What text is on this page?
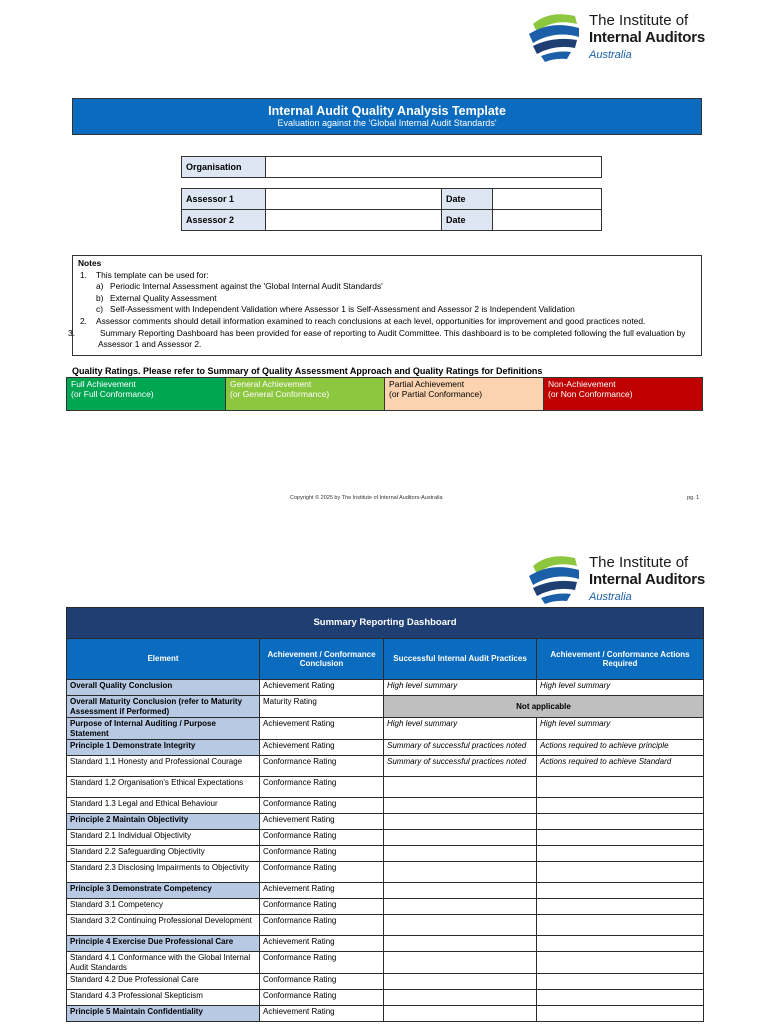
The Institute of
Internal Auditors
Australia
Internal Audit Quality Analysis Template
Evaluation against the 'Global Internal Audit Standards'
Organisation	
Assessor 1		Date	
Assessor 2		Date	
Notes
1. This template can be used for:
a) Periodic Internal Assessment against the 'Global Internal Audit Standards'
b) External Quality Assessment
c) Self-Assessment with Independent Validation where Assessor 1 is Self-Assessment and Assessor 2 is Independent Validation
2. Assessor comments should detail information examined to reach conclusions at each level, opportunities for improvement and good practices noted.
3.	Summary Reporting Dashboard has been provided for ease of reporting to Audit Committee. This dashboard is to be completed following the full evaluation by Assessor 1 and Assessor 2.
Quality Ratings. Please refer to Summary of Quality Assessment Approach and Quality Ratings for Definitions
Full Achievement
(or Full Conformance)
General Achievement
(or General Conformance)
Partial Achievement
(or Partial Conformance)
Non-Achievement
(or Non Conformance)
Copyright © 2025 by The Institute of Internal Auditors-Australia	pg. 1
The Institute of
Internal Auditors
Australia
Summary Reporting Dashboard			
Element	Achievement / Conformance Conclusion	Successful Internal Audit Practices	Achievement / Conformance Actions Required
Overall Quality Conclusion	Achievement Rating	High level summary	High level summary
Overall Maturity Conclusion (refer to Maturity Assessment if Performed)	Maturity Rating	Not applicable	
Purpose of Internal Auditing / Purpose Statement	Achievement Rating	High level summary	High level summary
Principle 1 Demonstrate Integrity	Achievement Rating	Summary of successful practices noted	Actions required to achieve principle
Standard 1.1 Honesty and Professional Courage	Conformance Rating	Summary of successful practices noted	Actions required to achieve Standard
Standard 1.2 Organisation's Ethical Expectations	Conformance Rating		
Standard 1.3 Legal and Ethical Behaviour	Conformance Rating		
Principle 2 Maintain Objectivity	Achievement Rating		
Standard 2.1 Individual Objectivity	Conformance Rating		
Standard 2.2 Safeguarding Objectivity	Conformance Rating		
Standard 2.3 Disclosing Impairments to Objectivity	Conformance Rating		
Principle 3 Demonstrate Competency	Achievement Rating		
Standard 3.1 Competency	Conformance Rating		
Standard 3.2 Continuing Professional Development	Conformance Rating		
Principle 4 Exercise Due Professional Care	Achievement Rating		
Standard 4.1 Conformance with the Global Internal Audit Standards	Conformance Rating		
Standard 4.2 Due Professional Care	Conformance Rating		
Standard 4.3 Professional Skepticism	Conformance Rating		
Principle 5 Maintain Confidentiality	Achievement Rating		
